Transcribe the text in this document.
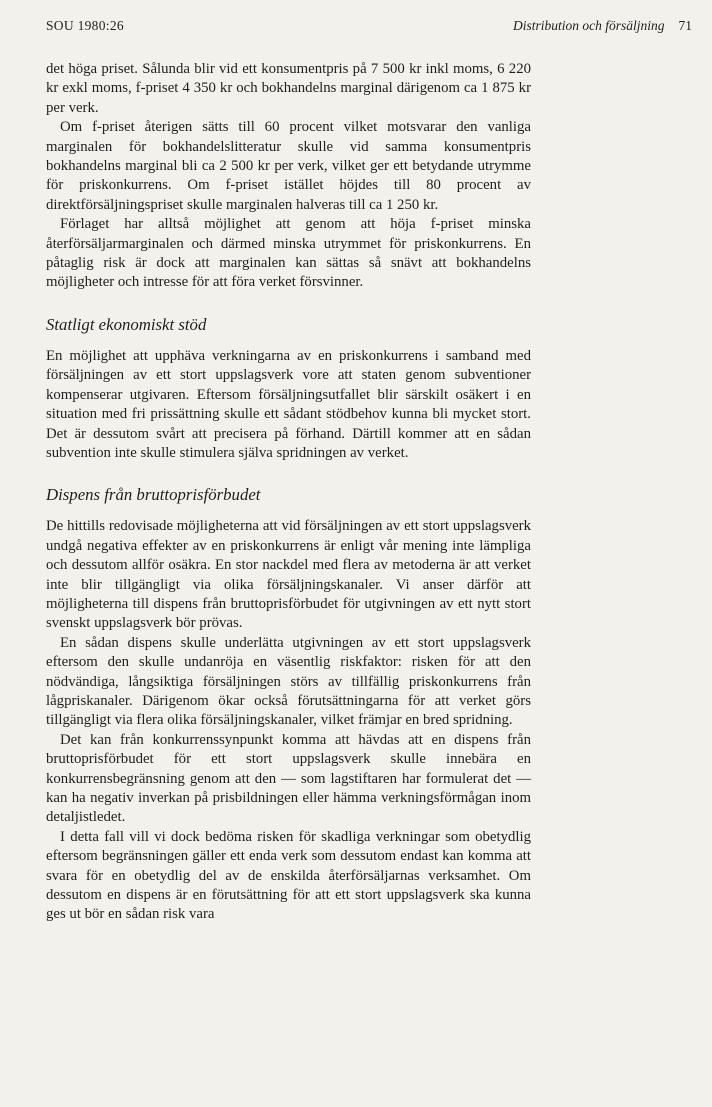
SOU 1980:26	Distribution och försäljning 71

det höga priset. Sålunda blir vid ett konsumentpris på 7 500 kr inkl moms, 6 220 kr exkl moms, f-priset 4 350 kr och bokhandelns marginal därigenom ca 1 875 kr per verk.

Om f-priset återigen sätts till 60 procent vilket motsvarar den vanliga marginalen för bokhandelslitteratur skulle vid samma konsumentpris bokhandelns marginal bli ca 2 500 kr per verk, vilket ger ett betydande utrymme för priskonkurrens. Om f-priset istället höjdes till 80 procent av direktförsäljningspriset skulle marginalen halveras till ca 1 250 kr.

Förlaget har alltså möjlighet att genom att höja f-priset minska återförsäljarmarginalen och därmed minska utrymmet för priskonkurrens. En påtaglig risk är dock att marginalen kan sättas så snävt att bokhandelns möjligheter och intresse för att föra verket försvinner.

Statligt ekonomiskt stöd

En möjlighet att upphäva verkningarna av en priskonkurrens i samband med försäljningen av ett stort uppslagsverk vore att staten genom subventioner kompenserar utgivaren. Eftersom försäljningsutfallet blir särskilt osäkert i en situation med fri prissättning skulle ett sådant stödbehov kunna bli mycket stort. Det är dessutom svårt att precisera på förhand. Därtill kommer att en sådan subvention inte skulle stimulera själva spridningen av verket.

Dispens från bruttoprisförbudet

De hittills redovisade möjligheterna att vid försäljningen av ett stort uppslagsverk undgå negativa effekter av en priskonkurrens är enligt vår mening inte lämpliga och dessutom allför osäkra. En stor nackdel med flera av metoderna är att verket inte blir tillgängligt via olika försäljningskanaler. Vi anser därför att möjligheterna till dispens från bruttoprisförbudet för utgivningen av ett nytt stort svenskt uppslagsverk bör prövas.

En sådan dispens skulle underlätta utgivningen av ett stort uppslagsverk eftersom den skulle undanröja en väsentlig riskfaktor: risken för att den nödvändiga, långsiktiga försäljningen störs av tillfällig priskonkurrens från lågpriskanaler. Därigenom ökar också förutsättningarna för att verket görs tillgängligt via flera olika försäljningskanaler, vilket främjar en bred spridning.

Det kan från konkurrenssynpunkt komma att hävdas att en dispens från bruttoprisförbudet för ett stort uppslagsverk skulle innebära en konkurrensbegränsning genom att den — som lagstiftaren har formulerat det — kan ha negativ inverkan på prisbildningen eller hämma verkningsförmågan inom detaljistledet.

I detta fall vill vi dock bedöma risken för skadliga verkningar som obetydlig eftersom begränsningen gäller ett enda verk som dessutom endast kan komma att svara för en obetydlig del av de enskilda återförsäljarnas verksamhet. Om dessutom en dispens är en förutsättning för att ett stort uppslagsverk ska kunna ges ut bör en sådan risk vara
